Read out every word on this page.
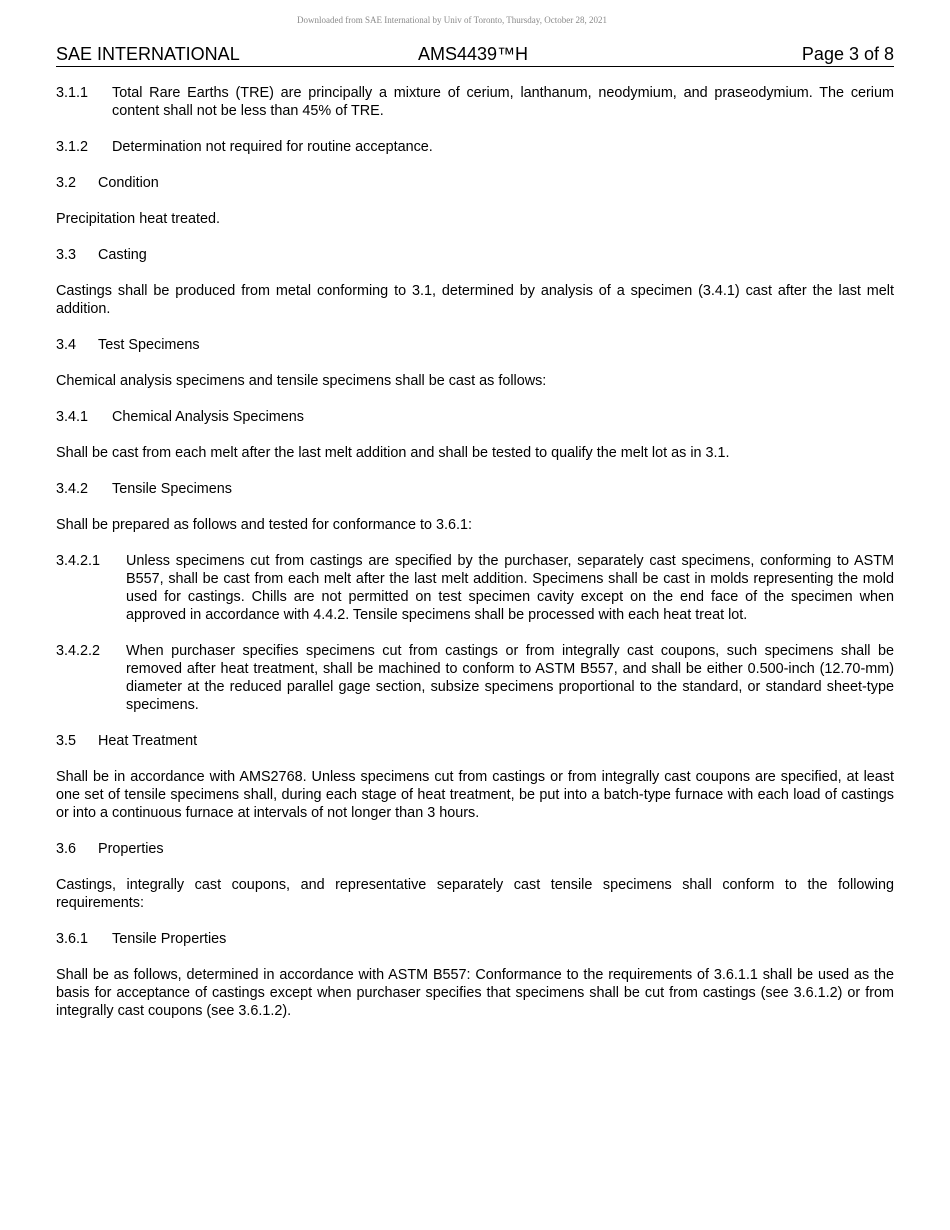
Downloaded from SAE International by Univ of Toronto, Thursday, October 28, 2021
SAE INTERNATIONAL	AMS4439™H	Page 3 of 8
3.1.1	Total Rare Earths (TRE) are principally a mixture of cerium, lanthanum, neodymium, and praseodymium. The cerium content shall not be less than 45% of TRE.
3.1.2	Determination not required for routine acceptance.
3.2	Condition

Precipitation heat treated.

3.3	Casting

Castings shall be produced from metal conforming to 3.1, determined by analysis of a specimen (3.4.1) cast after the last melt addition.

3.4	Test Specimens

Chemical analysis specimens and tensile specimens shall be cast as follows:

3.4.1	Chemical Analysis Specimens

Shall be cast from each melt after the last melt addition and shall be tested to qualify the melt lot as in 3.1.

3.4.2	Tensile Specimens

Shall be prepared as follows and tested for conformance to 3.6.1:

3.4.2.1	Unless specimens cut from castings are specified by the purchaser, separately cast specimens, conforming to ASTM B557, shall be cast from each melt after the last melt addition. Specimens shall be cast in molds representing the mold used for castings. Chills are not permitted on test specimen cavity except on the end face of the specimen when approved in accordance with 4.4.2. Tensile specimens shall be processed with each heat treat lot.
3.4.2.2	When purchaser specifies specimens cut from castings or from integrally cast coupons, such specimens shall be removed after heat treatment, shall be machined to conform to ASTM B557, and shall be either 0.500-inch (12.70-mm) diameter at the reduced parallel gage section, subsize specimens proportional to the standard, or standard sheet-type specimens.
3.5	Heat Treatment

Shall be in accordance with AMS2768. Unless specimens cut from castings or from integrally cast coupons are specified, at least one set of tensile specimens shall, during each stage of heat treatment, be put into a batch-type furnace with each load of castings or into a continuous furnace at intervals of not longer than 3 hours.

3.6	Properties

Castings, integrally cast coupons, and representative separately cast tensile specimens shall conform to the following requirements:

3.6.1	Tensile Properties

Shall be as follows, determined in accordance with ASTM B557: Conformance to the requirements of 3.6.1.1 shall be used as the basis for acceptance of castings except when purchaser specifies that specimens shall be cut from castings (see 3.6.1.2) or from integrally cast coupons (see 3.6.1.2).
